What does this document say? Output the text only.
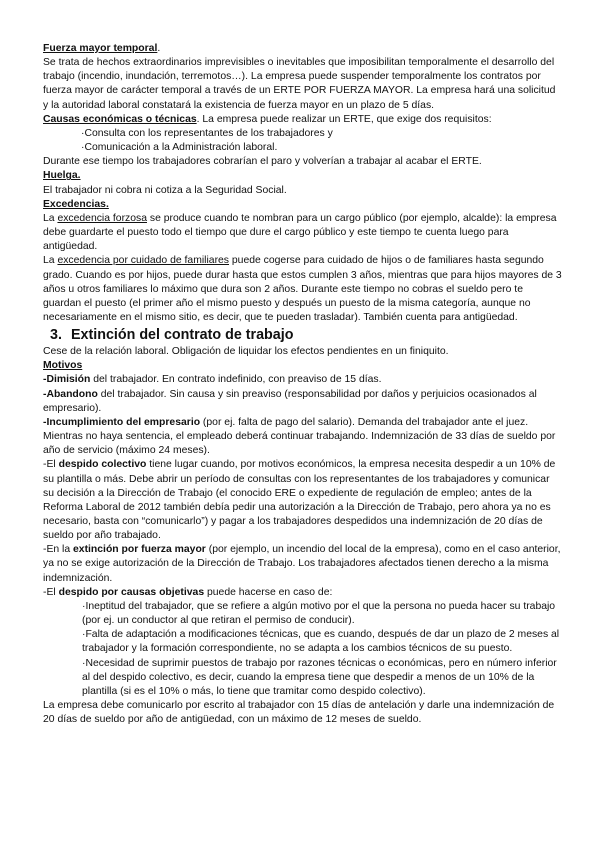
Fuerza mayor temporal.

Se trata de hechos extraordinarios imprevisibles o inevitables que imposibilitan temporalmente el desarrollo del trabajo (incendio, inundación, terremotos…). La empresa puede suspender temporalmente los contratos por fuerza mayor de carácter temporal a través de un ERTE POR FUERZA MAYOR. La empresa hará una solicitud y la autoridad laboral constatará la existencia de fuerza mayor en un plazo de 5 días.

Causas económicas o técnicas. La empresa puede realizar un ERTE, que exige dos requisitos:

·Consulta con los representantes de los trabajadores y

·Comunicación a la Administración laboral.

Durante ese tiempo los trabajadores cobrarían el paro y volverían a trabajar al acabar el ERTE.

Huelga.

El trabajador ni cobra ni cotiza a la Seguridad Social.

Excedencias.

La excedencia forzosa se produce cuando te nombran para un cargo público (por ejemplo, alcalde): la empresa debe guardarte el puesto todo el tiempo que dure el cargo público y este tiempo te cuenta luego para antigüedad.

La excedencia por cuidado de familiares puede cogerse para cuidado de hijos o de familiares hasta segundo grado. Cuando es por hijos, puede durar hasta que estos cumplen 3 años, mientras que para hijos mayores de 3 años u otros familiares lo máximo que dura son 2 años. Durante este tiempo no cobras el sueldo pero te guardan el puesto (el primer año el mismo puesto y después un puesto de la misma categoría, aunque no necesariamente en el mismo sitio, es decir, que te pueden trasladar). También cuenta para antigüedad.

3. Extinción del contrato de trabajo

Cese de la relación laboral. Obligación de liquidar los efectos pendientes en un finiquito.

Motivos

-Dimisión del trabajador. En contrato indefinido, con preaviso de 15 días.

-Abandono del trabajador. Sin causa y sin preaviso (responsabilidad por daños y perjuicios ocasionados al empresario).

-Incumplimiento del empresario (por ej. falta de pago del salario). Demanda del trabajador ante el juez. Mientras no haya sentencia, el empleado deberá continuar trabajando. Indemnización de 33 días de sueldo por año de servicio (máximo 24 meses).

-El despido colectivo tiene lugar cuando, por motivos económicos, la empresa necesita despedir a un 10% de su plantilla o más. Debe abrir un período de consultas con los representantes de los trabajadores y comunicar su decisión a la Dirección de Trabajo (el conocido ERE o expediente de regulación de empleo; antes de la Reforma Laboral de 2012 también debía pedir una autorización a la Dirección de Trabajo, pero ahora ya no es necesario, basta con “comunicarlo”) y pagar a los trabajadores despedidos una indemnización de 20 días de sueldo por año trabajado.

-En la extinción por fuerza mayor (por ejemplo, un incendio del local de la empresa), como en el caso anterior, ya no se exige autorización de la Dirección de Trabajo. Los trabajadores afectados tienen derecho a la misma indemnización.

-El despido por causas objetivas puede hacerse en caso de:

·Ineptitud del trabajador, que se refiere a algún motivo por el que la persona no pueda hacer su trabajo (por ej. un conductor al que retiran el permiso de conducir).

·Falta de adaptación a modificaciones técnicas, que es cuando, después de dar un plazo de 2 meses al trabajador y la formación correspondiente, no se adapta a los cambios técnicos de su puesto.

·Necesidad de suprimir puestos de trabajo por razones técnicas o económicas, pero en número inferior al del despido colectivo, es decir, cuando la empresa tiene que despedir a menos de un 10% de la plantilla (si es el 10% o más, lo tiene que tramitar como despido colectivo).

La empresa debe comunicarlo por escrito al trabajador con 15 días de antelación y darle una indemnización de 20 días de sueldo por año de antigüedad, con un máximo de 12 meses de sueldo.
